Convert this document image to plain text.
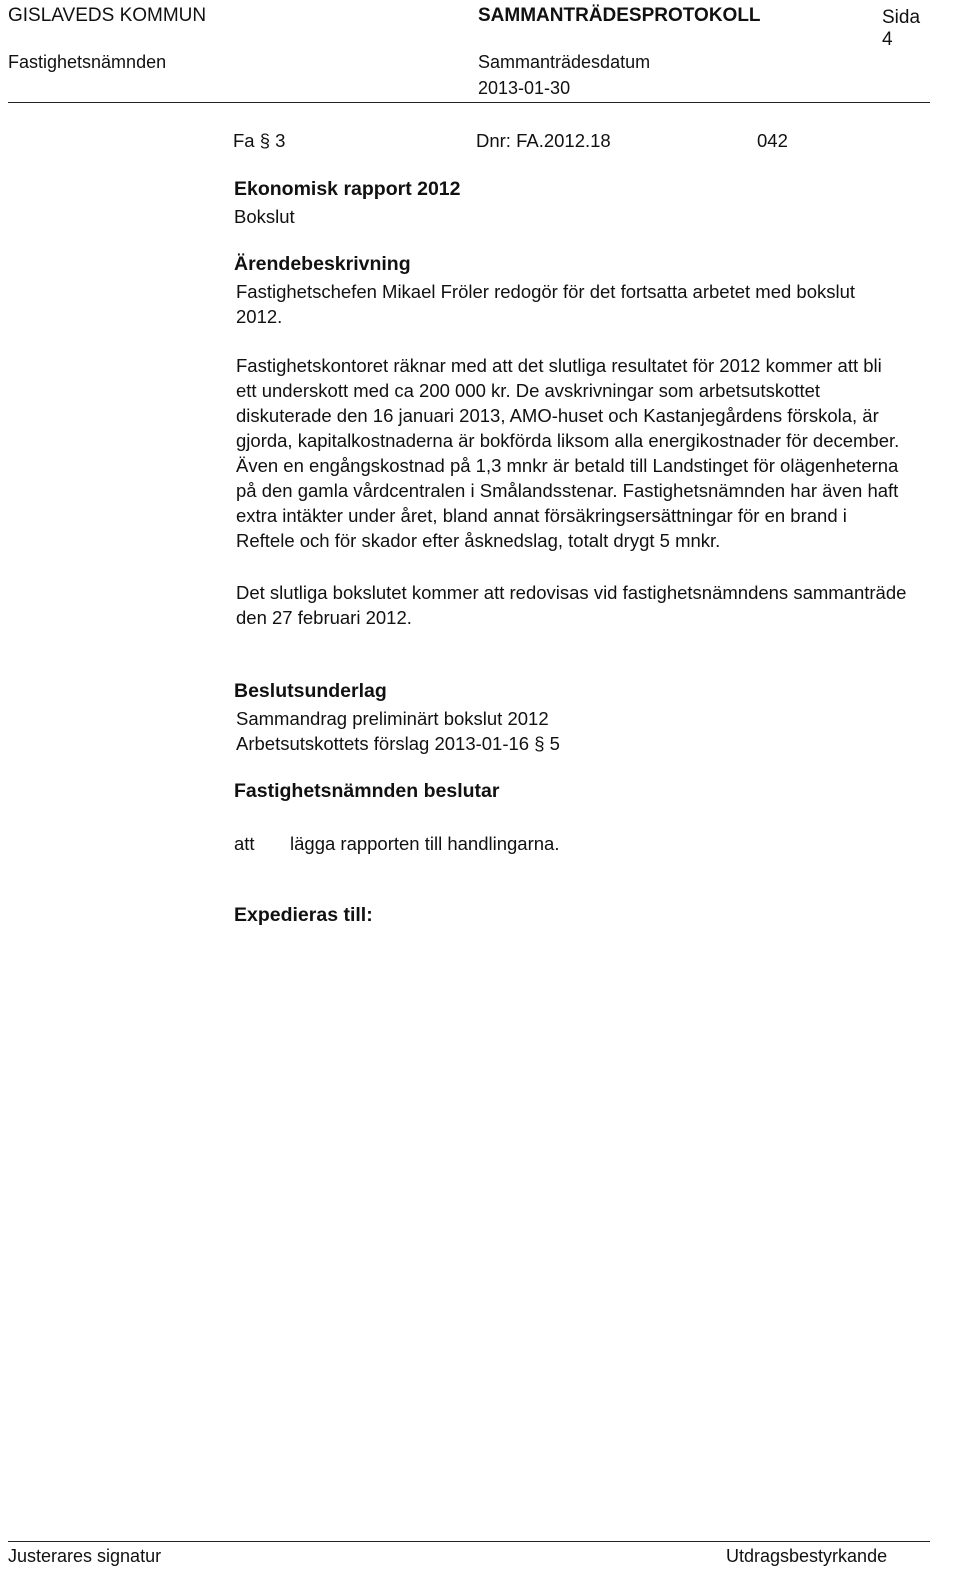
GISLAVEDS KOMMUN	SAMMANTRÄDESPROTOKOLL	Sida
4
Fastighetsnämnden	Sammanträdesdatum
2013-01-30
Fa § 3	Dnr: FA.2012.18	042
Ekonomisk rapport 2012
Bokslut
Ärendebeskrivning
Fastighetschefen Mikael Fröler redogör för det fortsatta arbetet med bokslut
2012.
Fastighetskontoret räknar med att det slutliga resultatet för 2012 kommer att bli
ett underskott med ca 200 000 kr. De avskrivningar som arbetsutskottet
diskuterade den 16 januari 2013, AMO-huset och Kastanjegårdens förskola, är
gjorda, kapitalkostnaderna är bokförda liksom alla energikostnader för december.
Även en engångskostnad på 1,3 mnkr är betald till Landstinget för olägenheterna
på den gamla vårdcentralen i Smålandsstenar. Fastighetsnämnden har även haft
extra intäkter under året, bland annat försäkringsersättningar för en brand i
Reftele och för skador efter åsknedslag, totalt drygt 5 mnkr.
Det slutliga bokslutet kommer att redovisas vid fastighetsnämndens sammanträde
den 27 februari 2012.
Beslutsunderlag
Sammandrag preliminärt bokslut 2012
Arbetsutskottets förslag 2013-01-16 § 5
Fastighetsnämnden beslutar
att lägga rapporten till handlingarna.
Expedieras till:
Justerares signatur	Utdragsbestyrkande
